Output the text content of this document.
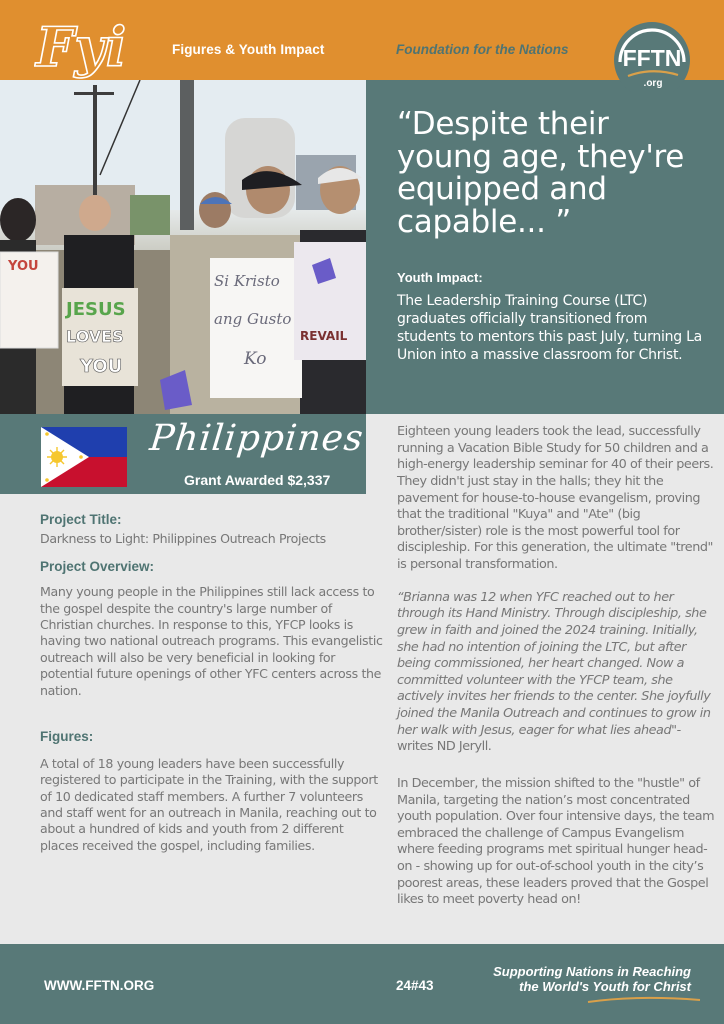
Fyi	Figures & Youth Impact	Foundation for the Nations FFTN
.org
YOU
JESUS
LOVES
YOU
Si Kristo
ang Gusto
Ko
REVAIL
“Despite their young age, they're equipped and capable... ”
Youth Impact:
The Leadership Training Course (LTC) graduates officially transitioned from students to mentors this past July, turning La Union into a massive classroom for Christ.
Philippines
Grant Awarded $2,337
Project Title:
Darkness to Light: Philippines Outreach Projects
Project Overview:
Many young people in the Philippines still lack access to the gospel despite the country's large number of Christian churches. In response to this, YFCP looks is having two national outreach programs. This evangelistic outreach will also be very beneficial in looking for potential future openings of other YFC centers across the nation.
Figures:
A total of 18 young leaders have been successfully registered to participate in the Training, with the support of 10 dedicated staff members. A further 7 volunteers and staff went for an outreach in Manila, reaching out to about a hundred of kids and youth from 2 different places received the gospel, including families.
Eighteen young leaders took the lead, successfully running a Vacation Bible Study for 50 children and a high-energy leadership seminar for 40 of their peers. They didn't just stay in the halls; they hit the pavement for house-to-house evangelism, proving that the traditional "Kuya" and "Ate" (big brother/sister) role is the most powerful tool for discipleship. For this generation, the ultimate "trend" is personal transformation.
“Brianna was 12 when YFC reached out to her through its Hand Ministry. Through discipleship, she grew in faith and joined the 2024 training. Initially, she had no intention of joining the LTC, but after being commissioned, her heart changed. Now a committed volunteer with the YFCP team, she actively invites her friends to the center. She joyfully joined the Manila Outreach and continues to grow in her walk with Jesus, eager for what lies ahead"- writes ND Jeryll.
In December, the mission shifted to the "hustle" of Manila, targeting the nation’s most concentrated youth population. Over four intensive days, the team embraced the challenge of Campus Evangelism where feeding programs met spiritual hunger head-on - showing up for out-of-school youth in the city’s poorest areas, these leaders proved that the Gospel likes to meet poverty head on!
WWW.FFTN.ORG	24#43
Supporting Nations in Reaching
the World's Youth for Christ
